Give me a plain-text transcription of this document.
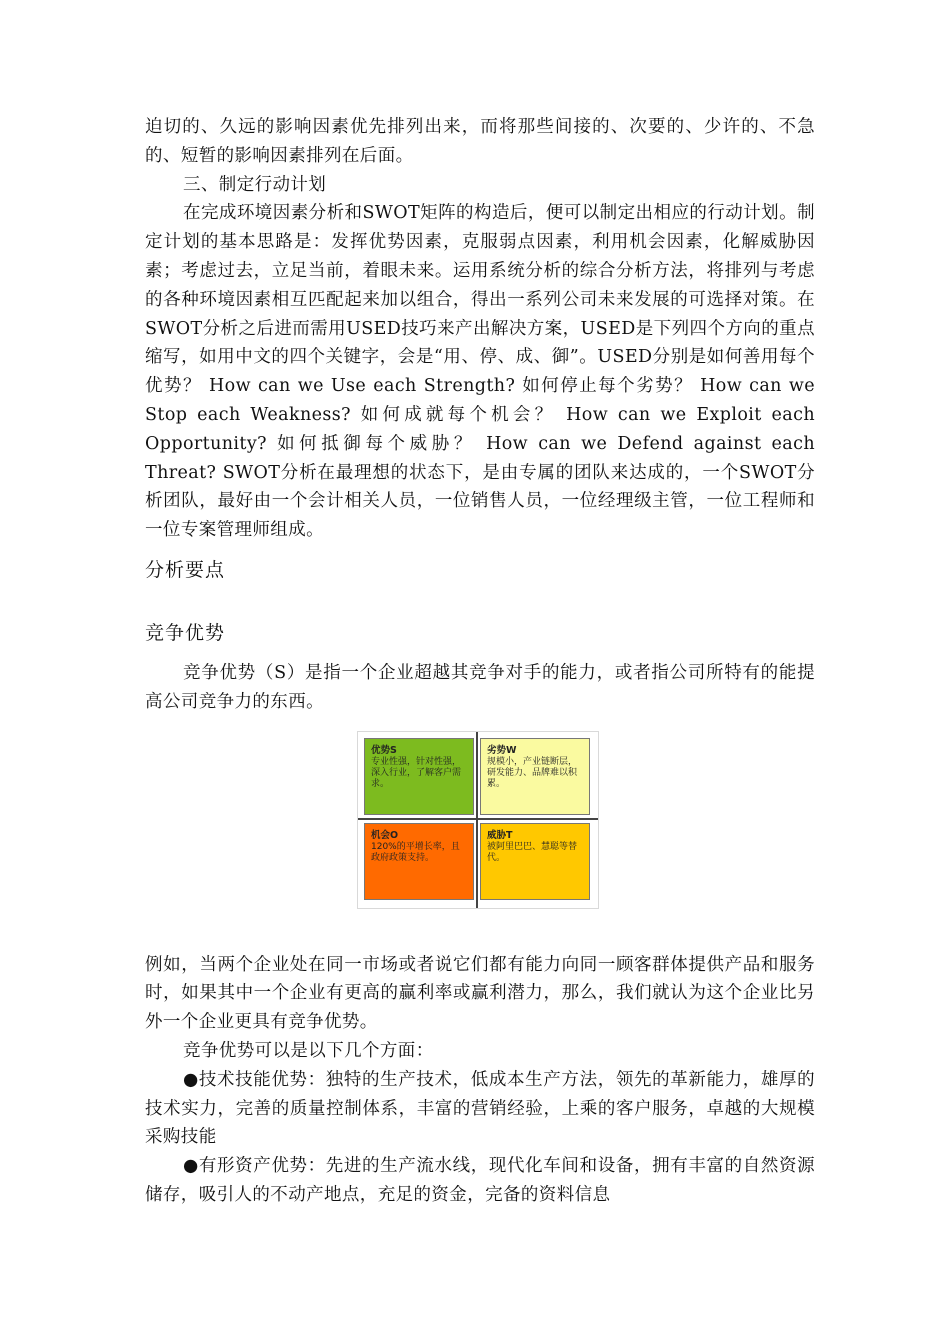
迫切的、久远的影响因素优先排列出来，而将那些间接的、次要的、少许的、不急的、短暂的影响因素排列在后面。

三、制定行动计划

在完成环境因素分析和SWOT矩阵的构造后，便可以制定出相应的行动计划。制定计划的基本思路是：发挥优势因素，克服弱点因素，利用机会因素，化解威胁因素；考虑过去，立足当前，着眼未来。运用系统分析的综合分析方法，将排列与考虑的各种环境因素相互匹配起来加以组合，得出一系列公司未来发展的可选择对策。在SWOT分析之后进而需用USED技巧来产出解决方案，USED是下列四个方向的重点缩写，如用中文的四个关键字，会是“用、停、成、御”。USED分别是如何善用每个优势？ How can we Use each Strength? 如何停止每个劣势？ How can we Stop each Weakness? 如何成就每个机会？ How can we Exploit each Opportunity? 如何抵御每个威胁？ How can we Defend against each Threat? SWOT分析在最理想的状态下，是由专属的团队来达成的，一个SWOT分析团队，最好由一个会计相关人员，一位销售人员，一位经理级主管，一位工程师和一位专案管理师组成。

分析要点
竞争优势

竞争优势（S）是指一个企业超越其竞争对手的能力，或者指公司所特有的能提高公司竞争力的东西。

优势S
专业性强，针对性强，深入行业，了解客户需求。
劣势W
规模小，产业链断层，研发能力、品牌难以积累。
机会O
120%的平增长率，且政府政策支持。
威胁T
被阿里巴巴、慧聪等替代。

例如，当两个企业处在同一市场或者说它们都有能力向同一顾客群体提供产品和服务时，如果其中一个企业有更高的赢利率或赢利潜力，那么，我们就认为这个企业比另外一个企业更具有竞争优势。

竞争优势可以是以下几个方面：

●技术技能优势：独特的生产技术，低成本生产方法，领先的革新能力，雄厚的技术实力，完善的质量控制体系，丰富的营销经验，上乘的客户服务，卓越的大规模采购技能

●有形资产优势：先进的生产流水线，现代化车间和设备，拥有丰富的自然资源储存，吸引人的不动产地点，充足的资金，完备的资料信息
